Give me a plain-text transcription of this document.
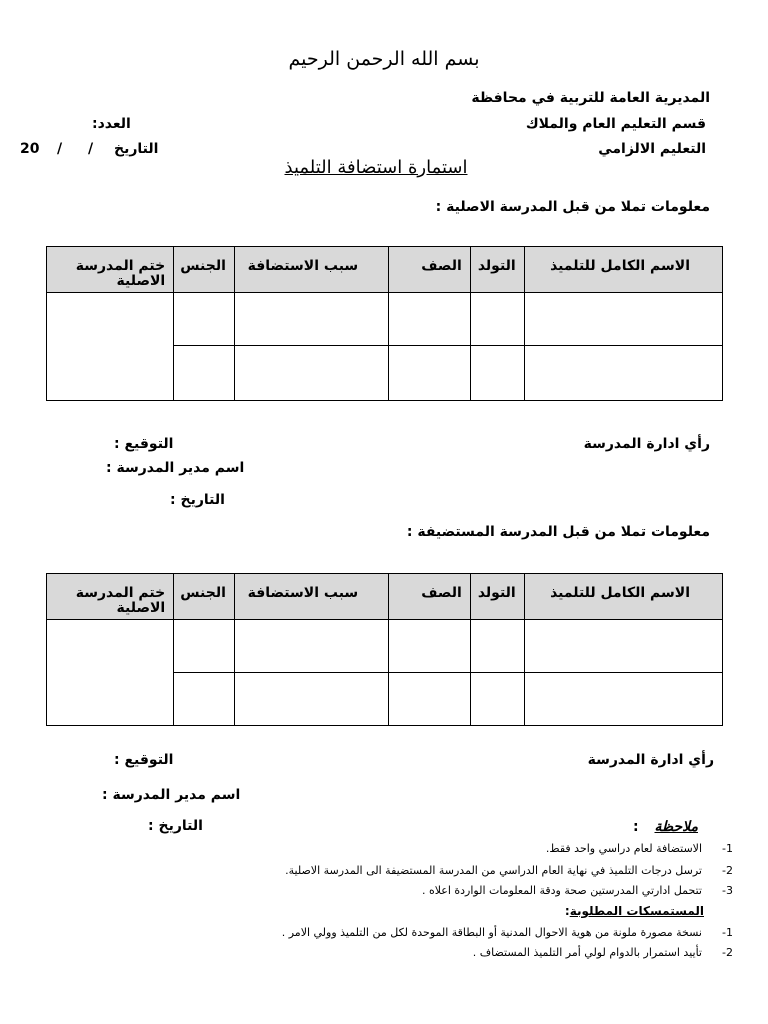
بسم الله الرحمن الرحيم
المديرية العامة للتربية في محافظة
قسم التعليم العام والملاك
التعليم الالزامي
العدد:
20 / / التاريخ
استمارة استضافة التلميذ
معلومات تملا من قبل المدرسة الاصلية :
الاسم الكامل للتلميذ	التولد	الصف	سبب الاستضافة	الجنس	ختم المدرسة الاصلية

رأي ادارة المدرسة
التوقيع :
اسم مدير المدرسة :
التاريخ :
معلومات تملا من قبل المدرسة المستضيفة :
الاسم الكامل للتلميذ	التولد	الصف	سبب الاستضافة	الجنس	ختم المدرسة الاصلية

رأي ادارة المدرسة
التوقيع :
اسم مدير المدرسة :
التاريخ :	ملاحظة
:
-1
الاستضافة لعام دراسي واحد فقط.
-2
ترسل درجات التلميذ في نهاية العام الدراسي من المدرسة المستضيفة الى المدرسة الاصلية.
-3
تتحمل ادارتي المدرستين صحة ودقة المعلومات الواردة اعلاه .
المستمسكات المطلوبة:
-1
نسخة مصورة ملونة من هوية الاحوال المدنية أو البطاقة الموحدة لكل من التلميذ وولي الامر .
-2
تأييد استمرار بالدوام لولي أمر التلميذ المستضاف .
